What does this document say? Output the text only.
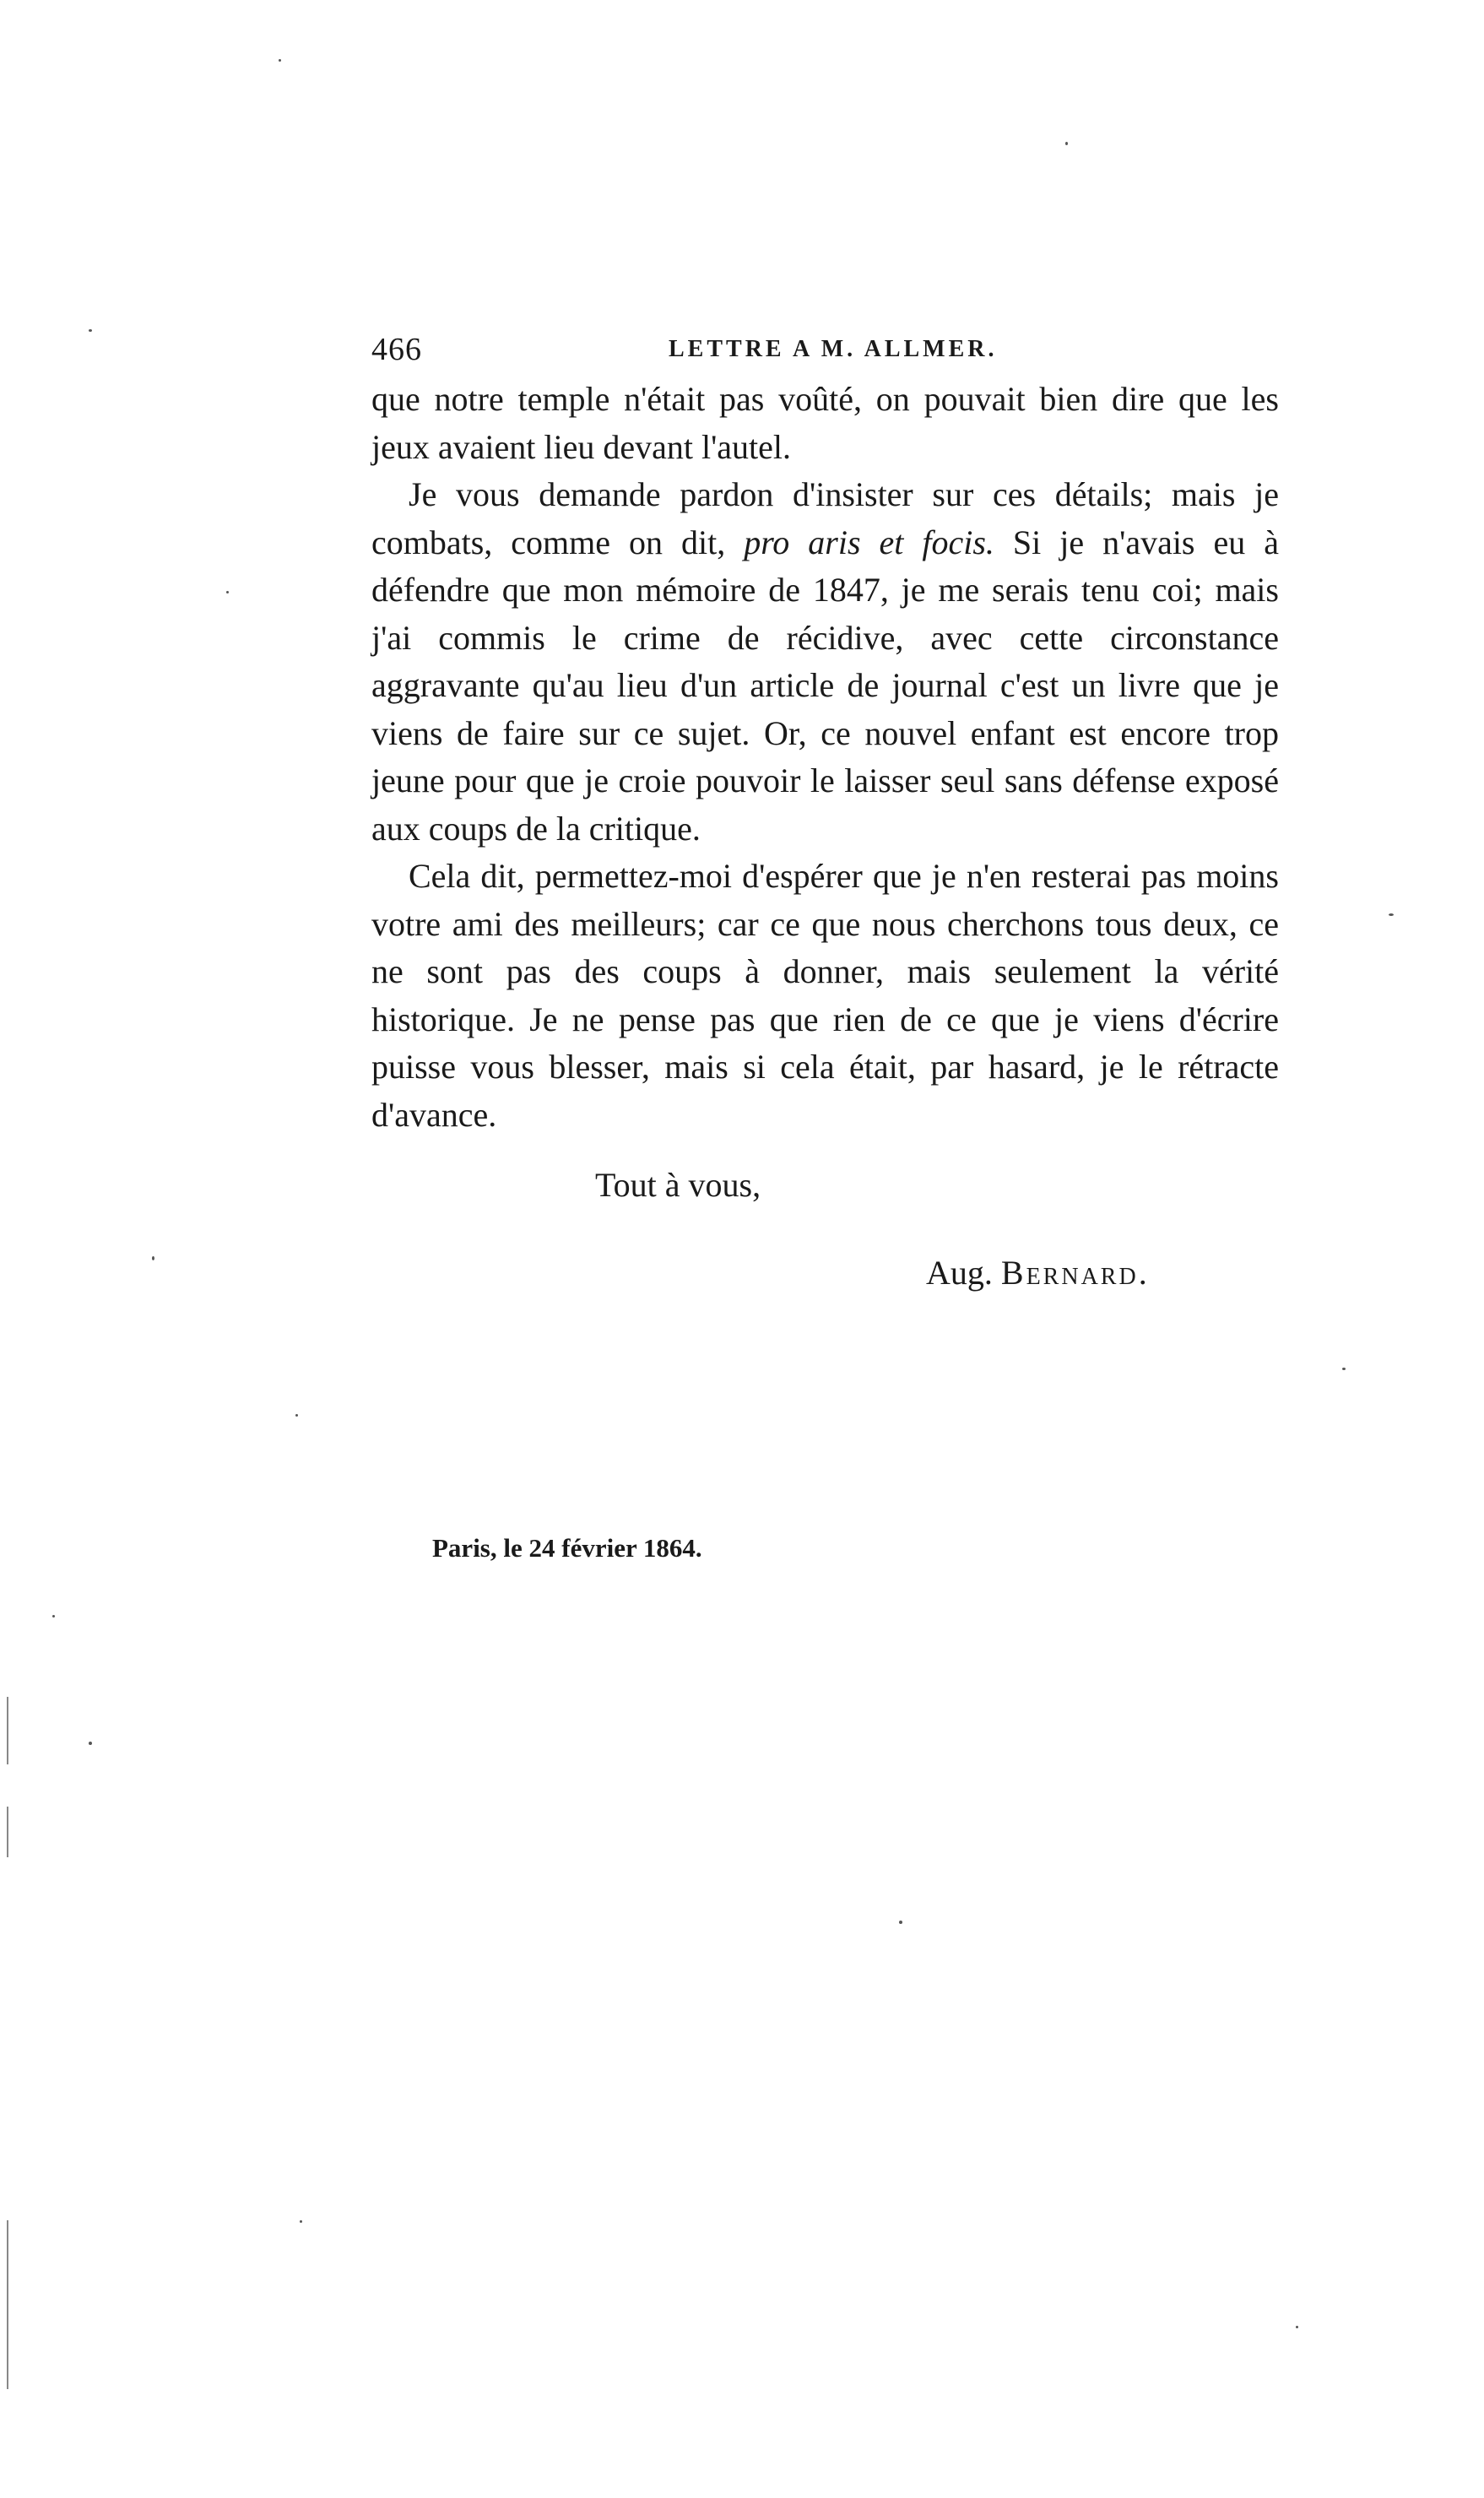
466	LETTRE A M. ALLMER.

que notre temple n'était pas voûté, on pouvait bien dire que les jeux avaient lieu devant l'autel.

Je vous demande pardon d'insister sur ces détails; mais je combats, comme on dit, pro aris et focis. Si je n'avais eu à défendre que mon mémoire de 1847, je me serais tenu coi; mais j'ai commis le crime de récidive, avec cette circonstance aggravante qu'au lieu d'un article de journal c'est un livre que je viens de faire sur ce sujet. Or, ce nouvel enfant est encore trop jeune pour que je croie pouvoir le laisser seul sans défense exposé aux coups de la critique.

Cela dit, permettez-moi d'espérer que je n'en resterai pas moins votre ami des meilleurs; car ce que nous cherchons tous deux, ce ne sont pas des coups à donner, mais seulement la vérité historique. Je ne pense pas que rien de ce que je viens d'écrire puisse vous blesser, mais si cela était, par hasard, je le rétracte d'avance.

Tout à vous,
Aug. Bernard.
Paris, le 24 février 1864.
